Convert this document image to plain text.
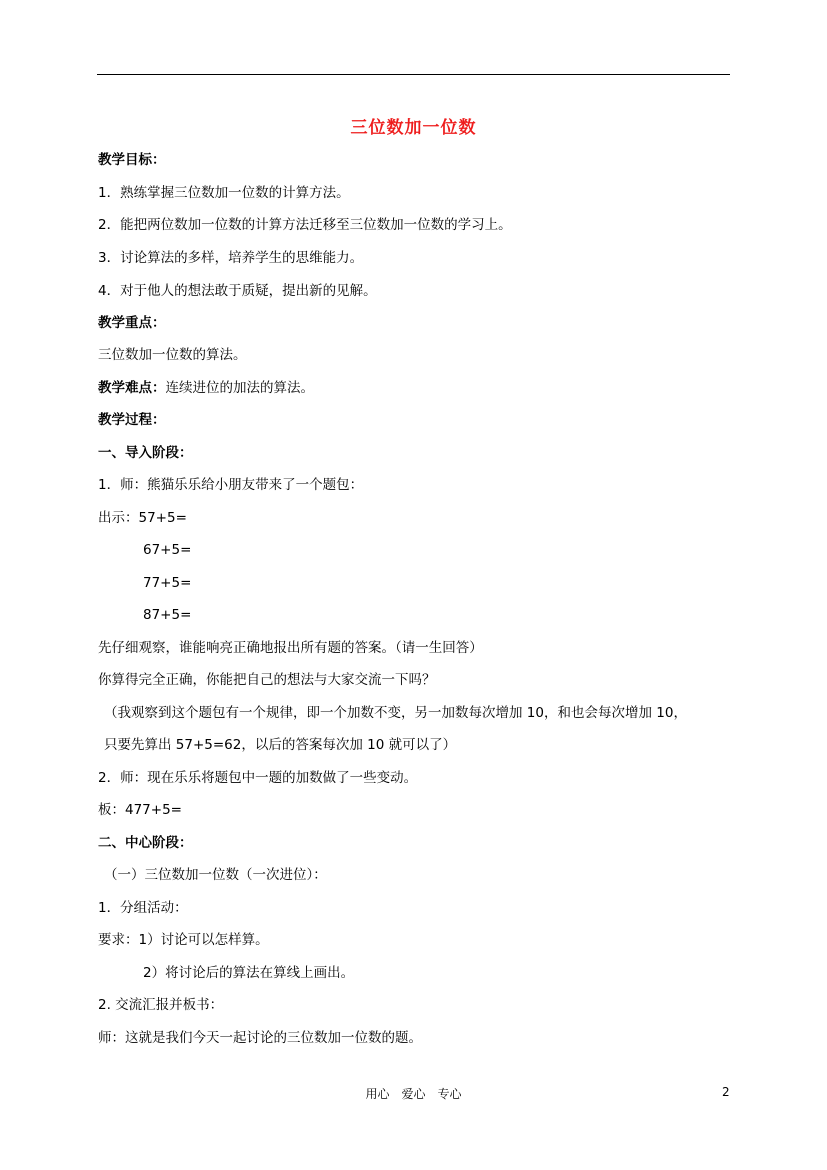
三位数加一位数
教学目标：
1．熟练掌握三位数加一位数的计算方法。
2．能把两位数加一位数的计算方法迁移至三位数加一位数的学习上。
3．讨论算法的多样，培养学生的思维能力。
4．对于他人的想法敢于质疑，提出新的见解。
教学重点：
三位数加一位数的算法。
教学难点：连续进位的加法的算法。
教学过程：
一、导入阶段：
1．师：熊猫乐乐给小朋友带来了一个题包：
出示：57+5=
67+5=
77+5=
87+5=
先仔细观察，谁能响亮正确地报出所有题的答案。（请一生回答）
你算得完全正确，你能把自己的想法与大家交流一下吗？
（我观察到这个题包有一个规律，即一个加数不变，另一加数每次增加 10，和也会每次增加 10，
只要先算出 57+5=62，以后的答案每次加 10 就可以了）
2．师：现在乐乐将题包中一题的加数做了一些变动。
板：477+5=
二、中心阶段：
（一）三位数加一位数（一次进位）：
1．分组活动：
要求：1）讨论可以怎样算。
2）将讨论后的算法在算线上画出。
2. 交流汇报并板书：
师：这就是我们今天一起讨论的三位数加一位数的题。
用心　爱心　专心	2
